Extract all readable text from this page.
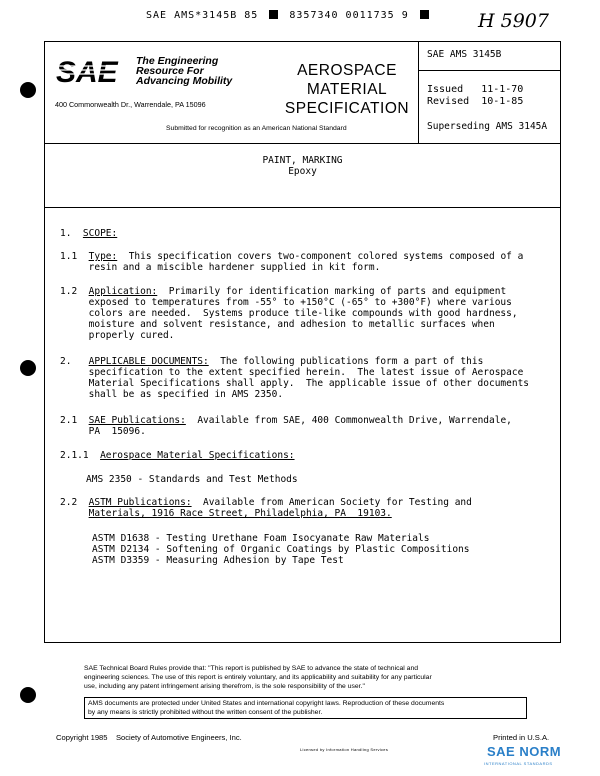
SAE AMS*3145B 85	8357340 0011735 9	H 5907
SAE The Engineering
Resource For
Advancing Mobility
400 Commonwealth Dr., Warrendale, PA 15096
AEROSPACE
MATERIAL
SPECIFICATION
Submitted for recognition as an American National Standard
SAE AMS 3145B
Issued 11-1-70
Revised 10-1-85
Superseding AMS 3145A
PAINT, MARKING
Epoxy
1. SCOPE:
1.1 Type: This specification covers two-component colored systems composed of a
resin and a miscible hardener supplied in kit form.
1.2 Application: Primarily for identification marking of parts and equipment
exposed to temperatures from -55° to +150°C (-65° to +300°F) where various
colors are needed.  Systems produce tile-like compounds with good hardness,
moisture and solvent resistance, and adhesion to metallic surfaces when
properly cured.
2. APPLICABLE DOCUMENTS: The following publications form a part of this
specification to the extent specified herein.  The latest issue of Aerospace
Material Specifications shall apply.  The applicable issue of other documents
shall be as specified in AMS 2350.
2.1 SAE Publications: Available from SAE, 400 Commonwealth Drive, Warrendale,
PA  15096.
2.1.1 Aerospace Material Specifications:
AMS 2350 - Standards and Test Methods
2.2 ASTM Publications: Available from American Society for Testing and
Materials, 1916 Race Street, Philadelphia, PA  19103.
ASTM D1638 - Testing Urethane Foam Isocyanate Raw Materials
ASTM D2134 - Softening of Organic Coatings by Plastic Compositions
ASTM D3359 - Measuring Adhesion by Tape Test
SAE Technical Board Rules provide that: "This report is published by SAE to advance the state of technical and
engineering sciences. The use of this report is entirely voluntary, and its applicability and suitability for any particular
use, including any patent infringement arising therefrom, is the sole responsibility of the user."
AMS documents are protected under United States and international copyright laws. Reproduction of these documents
by any means is strictly prohibited without the written consent of the publisher.
Copyright 1985 Society of Automotive Engineers, Inc.	Printed in U.S.A.
Licensed by Information Handling Services	SAE NORM
INTERNATIONAL STANDARDS
